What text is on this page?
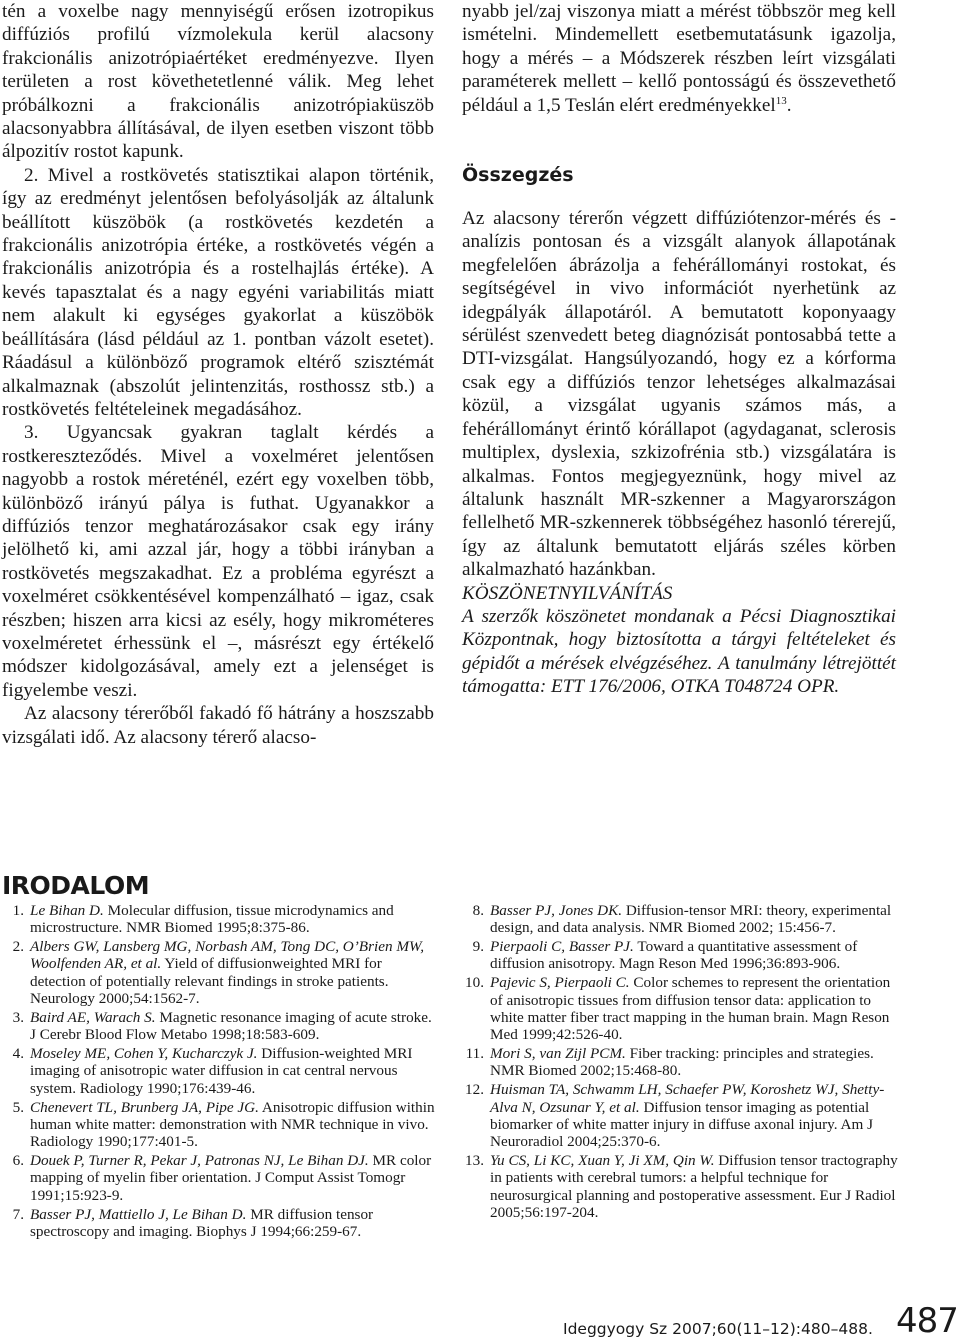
tén a voxelbe nagy mennyiségű erősen izotropikus diffúziós profilú vízmolekula kerül alacsony frakcionális anizotrópiaértéket eredményezve. Ilyen területen a rost követhetetlenné válik. Meg lehet próbálkozni a frakcionális anizotrópiaküszöb alacsonyabbra állításával, de ilyen esetben viszont több álpozitív rostot kapunk.

2. Mivel a rostkövetés statisztikai alapon történik, így az eredményt jelentősen befolyásolják az általunk beállított küszöbök (a rostkövetés kezdetén a frakcionális anizotrópia értéke, a rostkövetés végén a frakcionális anizotrópia és a rostelhajlás értéke). A kevés tapasztalat és a nagy egyéni variabilitás miatt nem alakult ki egységes gyakorlat a küszöbök beállítására (lásd például az 1. pontban vázolt esetet). Ráadásul a különböző programok eltérő szisztémát alkalmaznak (abszolút jelintenzitás, rosthossz stb.) a rostkövetés feltételeinek megadásához.

3. Ugyancsak gyakran taglalt kérdés a rostkereszteződés. Mivel a voxelméret jelentősen nagyobb a rostok méreténél, ezért egy voxelben több, különböző irányú pálya is futhat. Ugyanakkor a diffúziós tenzor meghatározásakor csak egy irány jelölhető ki, ami azzal jár, hogy a többi irányban a rostkövetés megszakadhat. Ez a probléma egyrészt a voxelméret csökkentésével kompenzálható – igaz, csak részben; hiszen arra kicsi az esély, hogy mikrométeres voxelméretet érhessünk el –, másrészt egy értékelő módszer kidolgozásával, amely ezt a jelenséget is figyelembe veszi.

Az alacsony térerőből fakadó fő hátrány a hoszszabb vizsgálati idő. Az alacsony térerő alacso-

nyabb jel/zaj viszonya miatt a mérést többször meg kell ismételni. Mindemellett esetbemutatásunk igazolja, hogy a mérés – a Módszerek részben leírt vizsgálati paraméterek mellett – kellő pontosságú és összevethető például a 1,5 Teslán elért eredményekkel$^{13}$.

Összegzés

Az alacsony térerőn végzett diffúziótenzor-mérés és -analízis pontosan és a vizsgált alanyok állapotának megfelelően ábrázolja a fehérállományi rostokat, és segítségével in vivo információt nyerhetünk az idegpályák állapotáról. A bemutatott koponyaagy sérülést szenvedett beteg diagnózisát pontosabbá tette a DTI-vizsgálat. Hangsúlyozandó, hogy ez a kórforma csak egy a diffúziós tenzor lehetséges alkalmazásai közül, a vizsgálat ugyanis számos más, a fehérállományt érintő kórállapot (agydaganat, sclerosis multiplex, dyslexia, szkizofrénia stb.) vizsgálatára is alkalmas. Fontos megjegyeznünk, hogy mivel az általunk használt MR-szkenner a Magyarországon fellelhető MR-szkennerek többségéhez hasonló térerejű, így az általunk bemutatott eljárás széles körben alkalmazható hazánkban.

KÖSZÖNETNYILVÁNÍTÁS

A szerzők köszönetet mondanak a Pécsi Diagnosztikai Központnak, hogy biztosította a tárgyi feltételeket és gépidőt a mérések elvégzéséhez. A tanulmány létrejöttét támogatta: ETT 176/2006, OTKA T048724 OPR.

IRODALOM
1. Le Bihan D. Molecular diffusion, tissue microdynamics and microstructure. NMR Biomed 1995;8:375-86.
2. Albers GW, Lansberg MG, Norbash AM, Tong DC, O’Brien MW, Woolfenden AR, et al. Yield of diffusionweighted MRI for detection of potentially relevant findings in stroke patients. Neurology 2000;54:1562-7.
3. Baird AE, Warach S. Magnetic resonance imaging of acute stroke. J Cerebr Blood Flow Metabo 1998;18:583-609.
4. Moseley ME, Cohen Y, Kucharczyk J. Diffusion-weighted MRI imaging of anisotropic water diffusion in cat central nervous system. Radiology 1990;176:439-46.
5. Chenevert TL, Brunberg JA, Pipe JG. Anisotropic diffusion within human white matter: demonstration with NMR technique in vivo. Radiology 1990;177:401-5.
6. Douek P, Turner R, Pekar J, Patronas NJ, Le Bihan DJ. MR color mapping of myelin fiber orientation. J Comput Assist Tomogr 1991;15:923-9.
7. Basser PJ, Mattiello J, Le Bihan D. MR diffusion tensor spectroscopy and imaging. Biophys J 1994;66:259-67.
8. Basser PJ, Jones DK. Diffusion-tensor MRI: theory, experimental design, and data analysis. NMR Biomed 2002; 15:456-7.
9. Pierpaoli C, Basser PJ. Toward a quantitative assessment of diffusion anisotropy. Magn Reson Med 1996;36:893-906.
10. Pajevic S, Pierpaoli C. Color schemes to represent the orientation of anisotropic tissues from diffusion tensor data: application to white matter fiber tract mapping in the human brain. Magn Reson Med 1999;42:526-40.
11. Mori S, van Zijl PCM. Fiber tracking: principles and strategies. NMR Biomed 2002;15:468-80.
12. Huisman TA, Schwamm LH, Schaefer PW, Koroshetz WJ, Shetty-Alva N, Ozsunar Y, et al. Diffusion tensor imaging as potential biomarker of white matter injury in diffuse axonal injury. Am J Neuroradiol 2004;25:370-6.
13. Yu CS, Li KC, Xuan Y, Ji XM, Qin W. Diffusion tensor tractography in patients with cerebral tumors: a helpful technique for neurosurgical planning and postoperative assessment. Eur J Radiol 2005;56:197-204.
Ideggyogy Sz 2007;60(11–12):480–488. 487
